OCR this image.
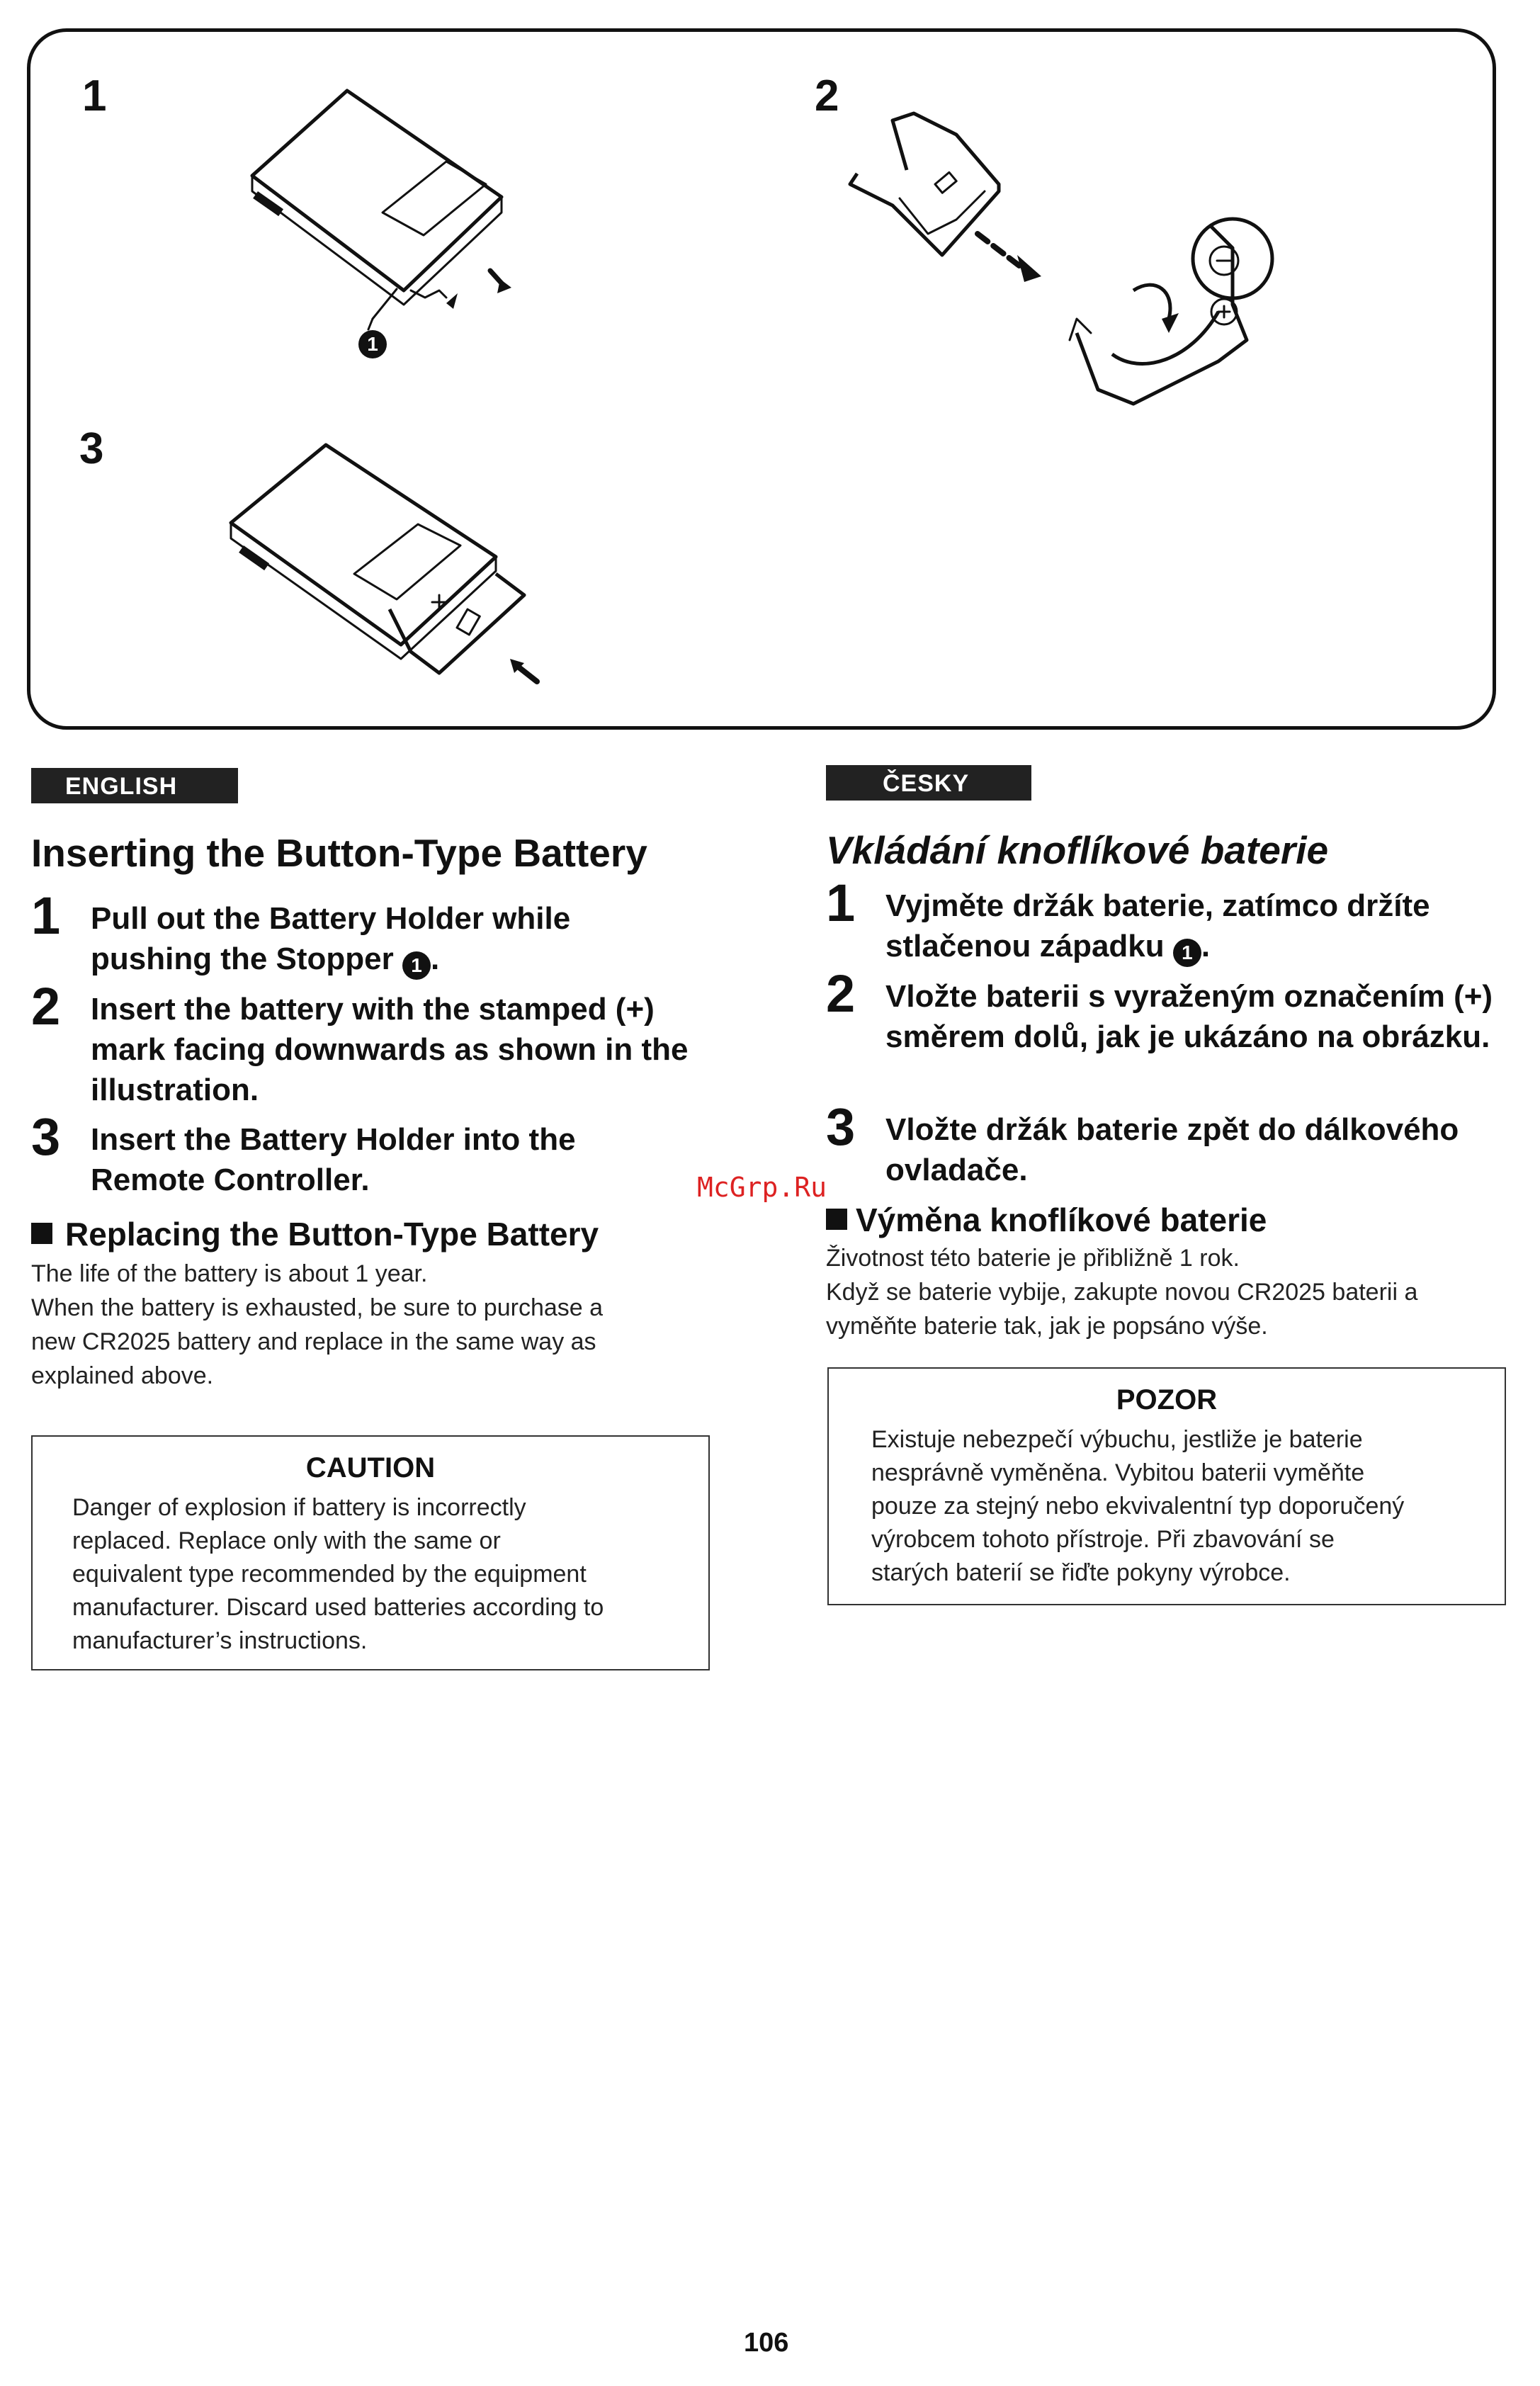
1	2
3
1
ENGLISH
Inserting the Button-Type Battery
1 Pull out the Battery Holder while pushing the Stopper 1 .
2 Insert the battery with the stamped (+) mark facing downwards as shown in the illustration.
3 Insert the Battery Holder into the Remote Controller.
Replacing the Button-Type Battery
The life of the battery is about 1 year.
When the battery is exhausted, be sure to purchase a
new CR2025 battery and replace in the same way as
explained above.
CAUTION
Danger of explosion if battery is incorrectly
replaced. Replace only with the same or
equivalent type recommended by the equipment
manufacturer. Discard used batteries according to
manufacturer’s instructions.
McGrp.Ru
ČESKY
Vkládání knoflíkové baterie
1 Vyjměte držák baterie, zatímco držíte stlačenou západku 1 .
2 Vložte baterii s vyraženým označením (+) směrem dolů, jak je ukázáno na obrázku.
3 Vložte držák baterie zpět do dálkového ovladače.
Výměna knoflíkové baterie
Životnost této baterie je přibližně 1 rok.
Když se baterie vybije, zakupte novou CR2025 baterii a
vyměňte baterie tak, jak je popsáno výše.
POZOR
Existuje nebezpečí výbuchu, jestliže je baterie
nesprávně vyměněna. Vybitou baterii vyměňte
pouze za stejný nebo ekvivalentní typ doporučený
výrobcem tohoto přístroje. Při zbavování se
starých baterií se řiďte pokyny výrobce.
106
